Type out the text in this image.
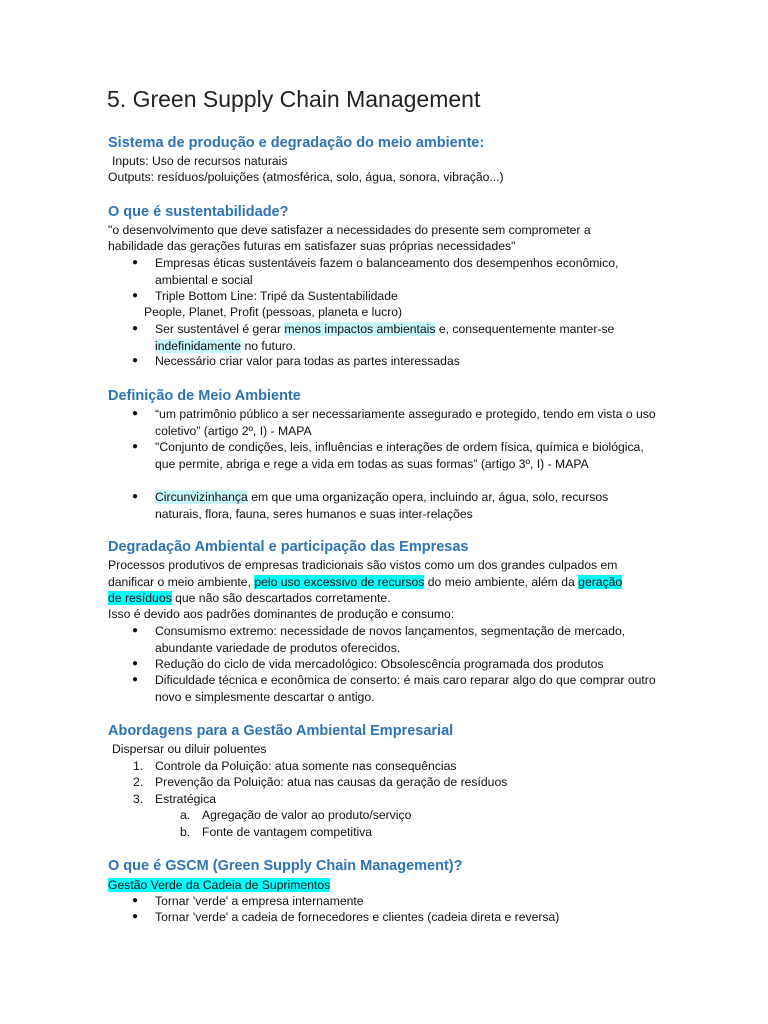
5. Green Supply Chain Management
Sistema de produção e degradação do meio ambiente:
Inputs: Uso de recursos naturais
Outputs: resíduos/poluições (atmosférica, solo, água, sonora, vibração...)
O que é sustentabilidade?
"o desenvolvimento que deve satisfazer a necessidades do presente sem comprometer a
habilidade das gerações futuras em satisfazer suas próprias necessidades"
● Empresas éticas sustentáveis fazem o balanceamento dos desempenhos econômico, ambiental e social
● Triple Bottom Line: Tripé da Sustentabilidade
People, Planet, Profit (pessoas, planeta e lucro)
● Ser sustentável é gerar menos impactos ambientais e, consequentemente manter-se
indefinidamente no futuro.
● Necessário criar valor para todas as partes interessadas
Definição de Meio Ambiente
● “um patrimônio público a ser necessariamente assegurado e protegido, tendo em vista o uso coletivo” (artigo 2º, I) - MAPA
● "Conjunto de condições, leis, influências e interações de ordem física, química e biológica, que permite, abriga e rege a vida em todas as suas formas” (artigo 3º, I) - MAPA
● Circunvizinhança em que uma organização opera, incluindo ar, água, solo, recursos naturais, flora, fauna, seres humanos e suas inter-relações
Degradação Ambiental e participação das Empresas
Processos produtivos de empresas tradicionais são vistos como um dos grandes culpados em
danificar o meio ambiente, pelo uso excessivo de recursos do meio ambiente, além da geração
de resíduos que não são descartados corretamente.
Isso é devido aos padrões dominantes de produção e consumo:
● Consumismo extremo: necessidade de novos lançamentos, segmentação de mercado, abundante variedade de produtos oferecidos.
● Redução do ciclo de vida mercadológico: Obsolescência programada dos produtos
● Dificuldade técnica e econômica de conserto: é mais caro reparar algo do que comprar outro novo e simplesmente descartar o antigo.
Abordagens para a Gestão Ambiental Empresarial
Dispersar ou diluir poluentes
1. Controle da Poluição: atua somente nas consequências
2. Prevenção da Poluição: atua nas causas da geração de resíduos
3. Estratégica
a. Agregação de valor ao produto/serviço
b. Fonte de vantagem competitiva
O que é GSCM (Green Supply Chain Management)?
Gestão Verde da Cadeia de Suprimentos
● Tornar 'verde' a empresa internamente
● Tornar 'verde' a cadeia de fornecedores e clientes (cadeia direta e reversa)
